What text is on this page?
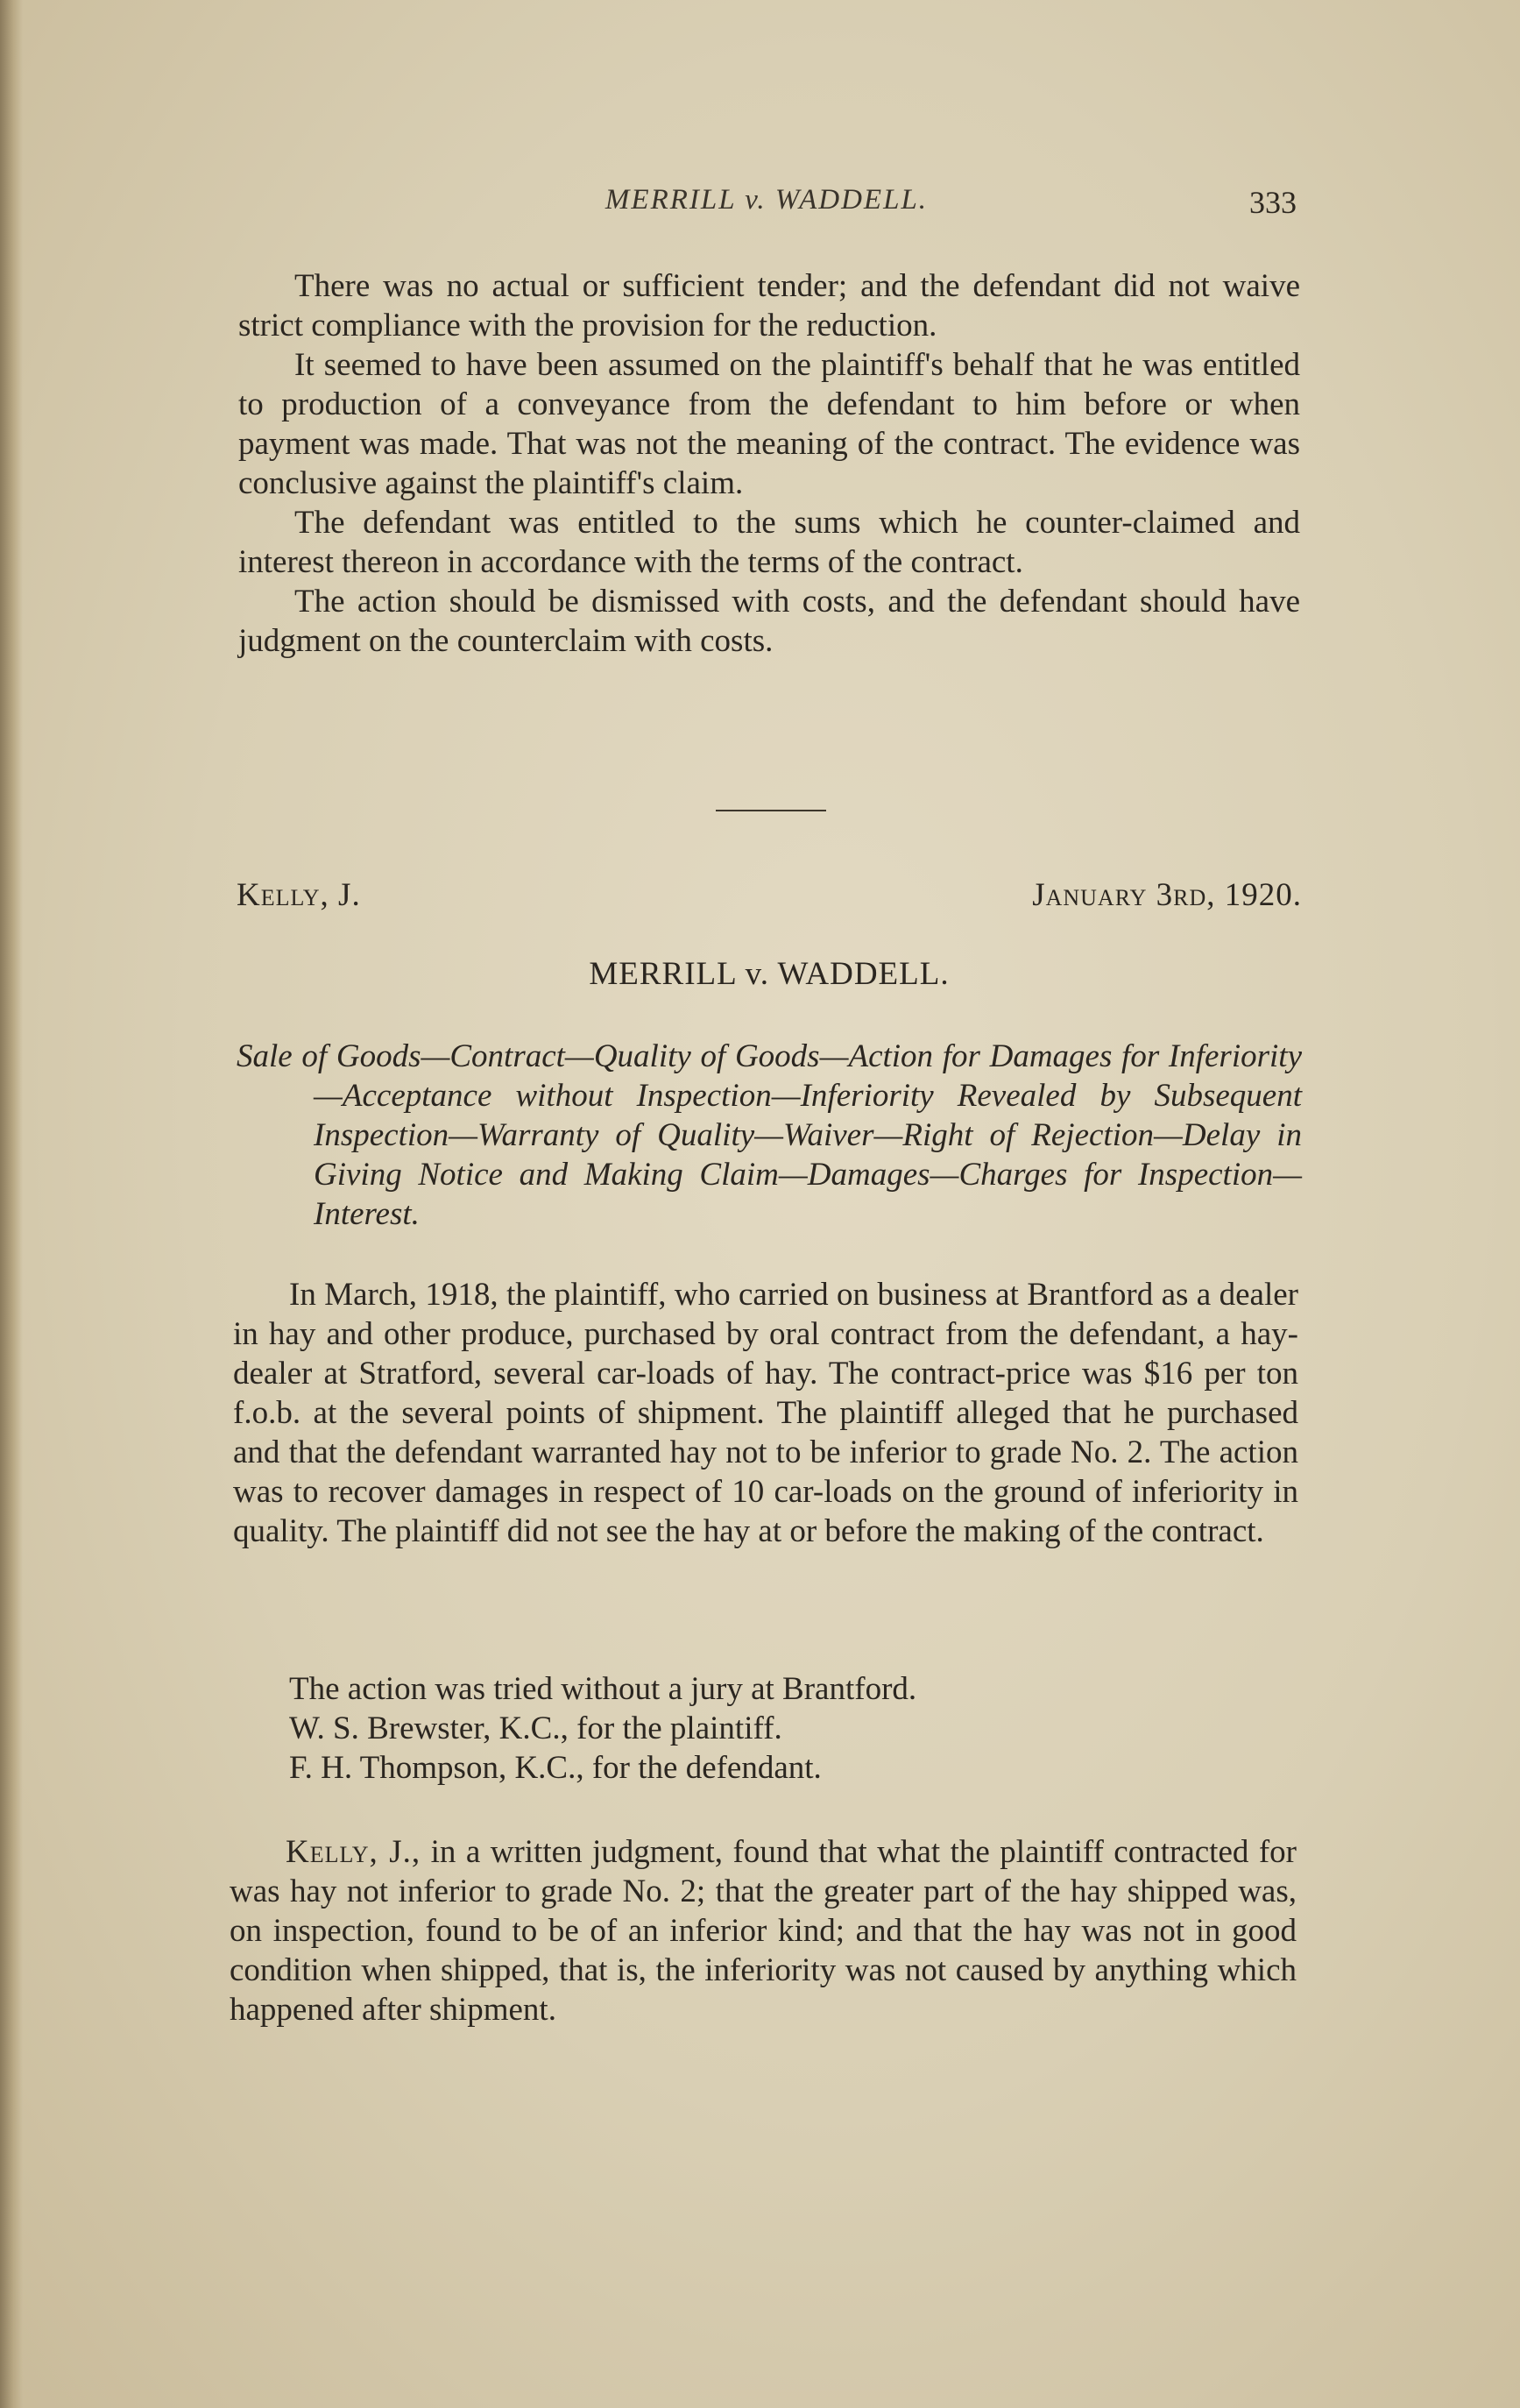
MERRILL v. WADDELL.	333

There was no actual or sufficient tender; and the defendant did not waive strict compliance with the provision for the reduction.

It seemed to have been assumed on the plaintiff's behalf that he was entitled to production of a conveyance from the defendant to him before or when payment was made. That was not the meaning of the contract. The evidence was conclusive against the plaintiff's claim.

The defendant was entitled to the sums which he counter-claimed and interest thereon in accordance with the terms of the contract.

The action should be dismissed with costs, and the defendant should have judgment on the counterclaim with costs.

Kelly, J.	January 3rd, 1920.
MERRILL v. WADDELL.
Sale of Goods—Contract—Quality of Goods—Action for Damages for Inferiority—Acceptance without Inspection—Inferiority Revealed by Subsequent Inspection—Warranty of Quality—Waiver—Right of Rejection—Delay in Giving Notice and Making Claim—Damages—Charges for Inspection—Interest.

In March, 1918, the plaintiff, who carried on business at Brantford as a dealer in hay and other produce, purchased by oral contract from the defendant, a hay-dealer at Stratford, several car-loads of hay. The contract-price was $16 per ton f.o.b. at the several points of shipment. The plaintiff alleged that he purchased and that the defendant warranted hay not to be inferior to grade No. 2. The action was to recover damages in respect of 10 car-loads on the ground of inferiority in quality. The plaintiff did not see the hay at or before the making of the contract.

The action was tried without a jury at Brantford.

W. S. Brewster, K.C., for the plaintiff.

F. H. Thompson, K.C., for the defendant.

Kelly, J., in a written judgment, found that what the plaintiff contracted for was hay not inferior to grade No. 2; that the greater part of the hay shipped was, on inspection, found to be of an inferior kind; and that the hay was not in good condition when shipped, that is, the inferiority was not caused by anything which happened after shipment.
